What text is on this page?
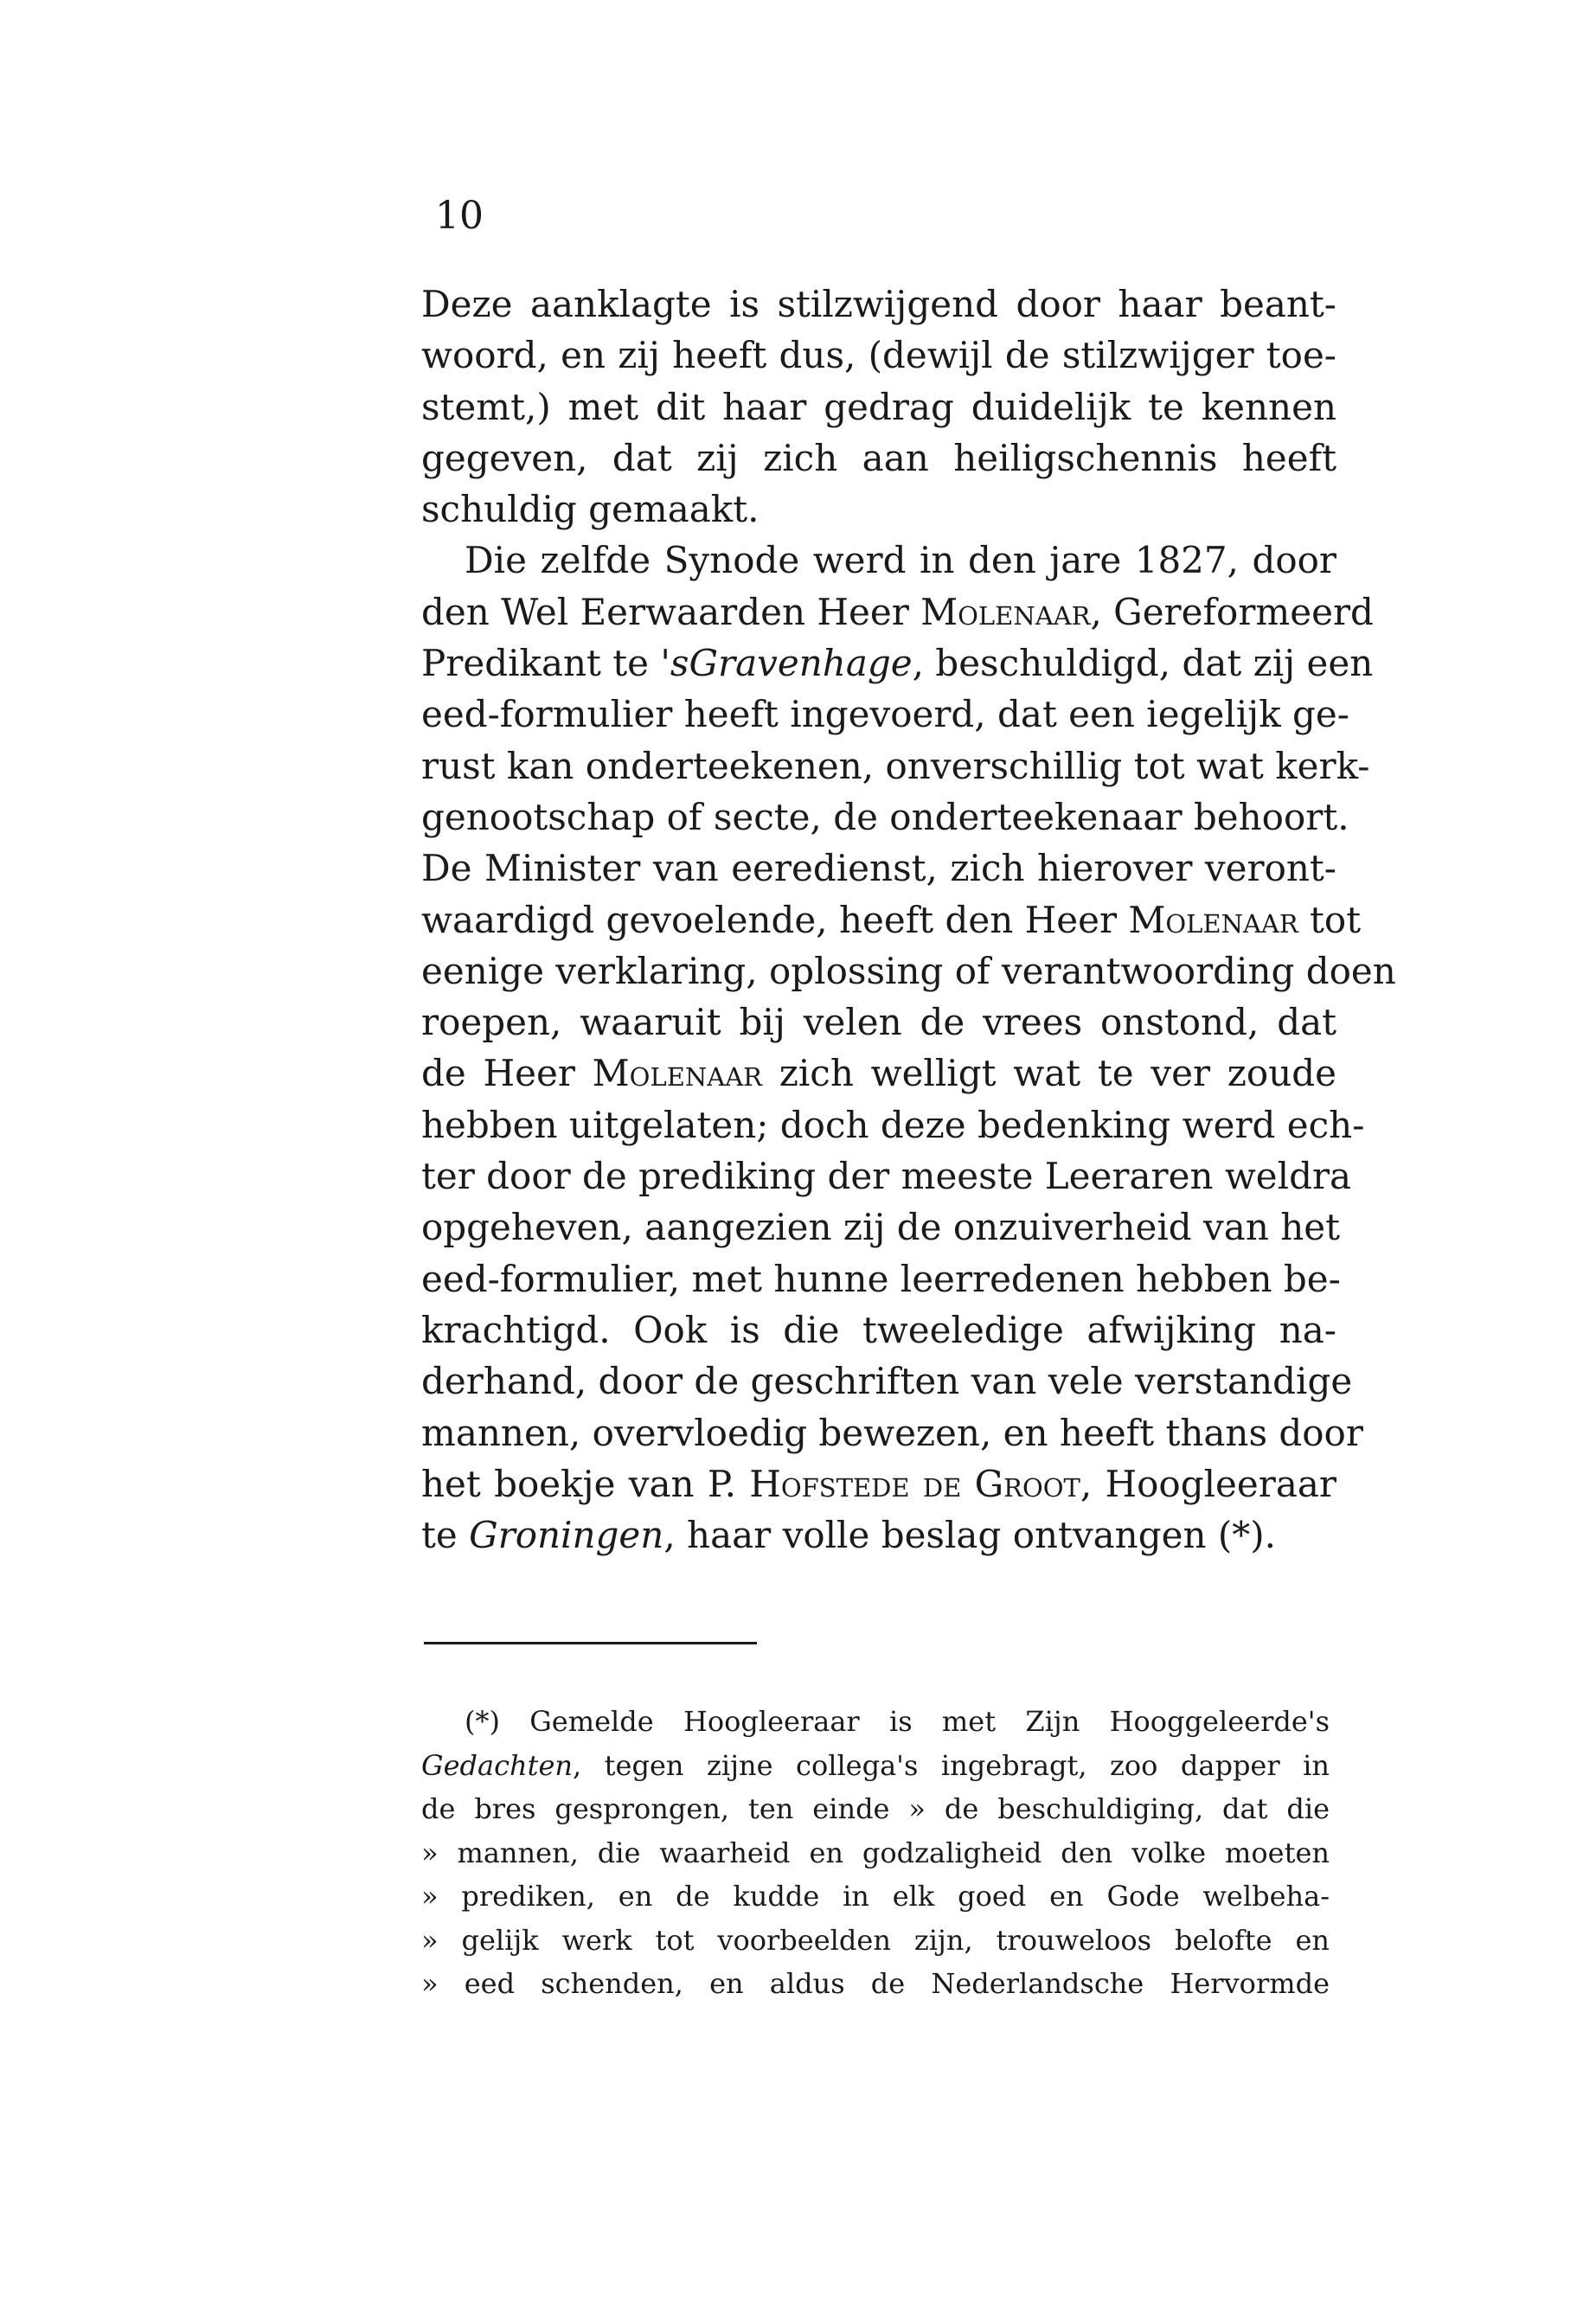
10
Deze aanklagte is stilzwijgend door haar beant-
woord, en zij heeft dus, (dewijl de stilzwijger toe-
stemt,) met dit haar gedrag duidelijk te kennen
gegeven, dat zij zich aan heiligschennis heeft
schuldig gemaakt.
Die zelfde Synode werd in den jare 1827, door
den Wel Eerwaarden Heer Molenaar, Gereformeerd
Predikant te 'sGravenhage, beschuldigd, dat zij een
eed-formulier heeft ingevoerd, dat een iegelijk ge-
rust kan onderteekenen, onverschillig tot wat kerk-
genootschap of secte, de onderteekenaar behoort.
De Minister van eeredienst, zich hierover veront-
waardigd gevoelende, heeft den Heer Molenaar tot
eenige verklaring, oplossing of verantwoording doen
roepen, waaruit bij velen de vrees onstond, dat
de Heer Molenaar zich welligt wat te ver zoude
hebben uitgelaten; doch deze bedenking werd ech-
ter door de prediking der meeste Leeraren weldra
opgeheven, aangezien zij de onzuiverheid van het
eed-formulier, met hunne leerredenen hebben be-
krachtigd. Ook is die tweeledige afwijking na-
derhand, door de geschriften van vele verstandige
mannen, overvloedig bewezen, en heeft thans door
het boekje van P. Hofstede de Groot, Hoogleeraar
te Groningen, haar volle beslag ontvangen (*).
(*) Gemelde Hoogleeraar is met Zijn Hooggeleerde's
Gedachten, tegen zijne collega's ingebragt, zoo dapper in
de bres gesprongen, ten einde » de beschuldiging, dat die
» mannen, die waarheid en godzaligheid den volke moeten
» prediken, en de kudde in elk goed en Gode welbeha-
» gelijk werk tot voorbeelden zijn, trouweloos belofte en
» eed schenden, en aldus de Nederlandsche Hervormde
